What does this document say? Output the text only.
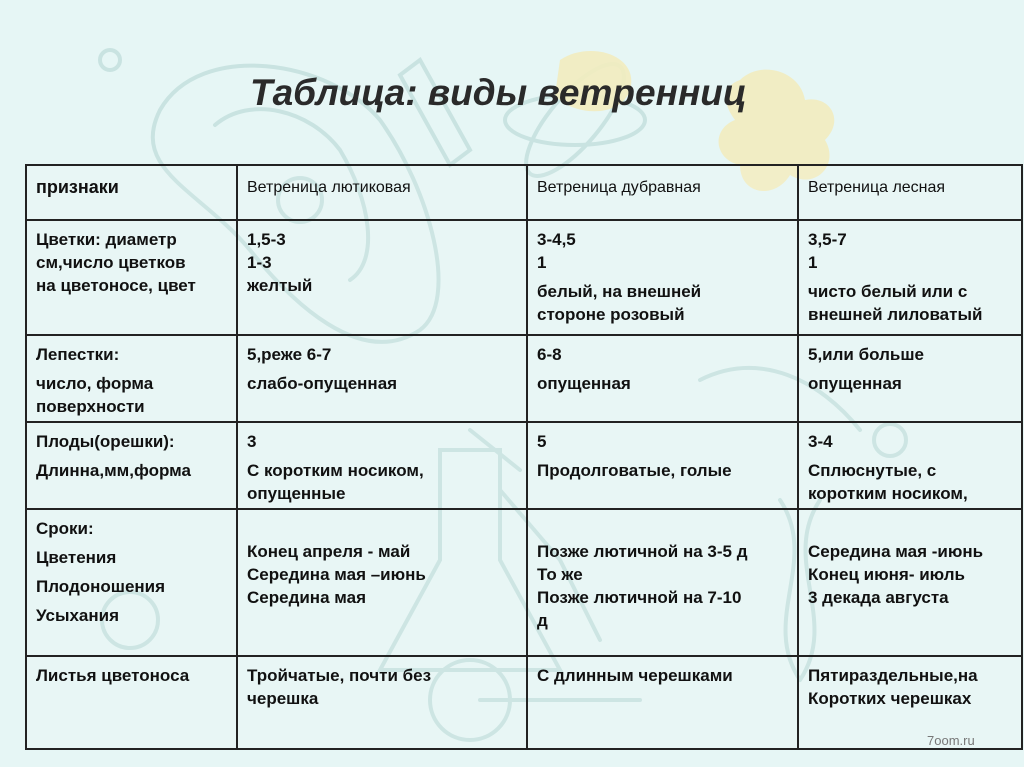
Таблица: виды ветренниц
признаки	Ветреница лютиковая	Ветреница дубравная	Ветреница лесная

Цветки: диаметр
см,число цветков
на цветоносе, цвет	1,5-3
1-3
желтый	3-4,5
1
белый, на внешней
стороне розовый	3,5-7
1
чисто белый или с
внешней лиловатый

Лепестки:
число, форма
поверхности	5,реже 6-7
слабо-опущенная	6-8
опущенная	5,или больше
опущенная

Плоды(орешки):
Длинна,мм,форма	3
С коротким носиком,
опущенные	5
Продолговатые, голые	3-4
Сплюснутые, с
коротким носиком,

Сроки:
Цветения
Плодоношения
Усыхания	Конец апреля - май
Середина мая –июнь
Середина мая	Позже лютичной на 3-5 д
То же
Позже лютичной на 7-10
д	Середина мая -июнь
Конец июня- июль
3 декада августа

Листья цветоноса	Тройчатые, почти без
черешка	С длинным черешками	Пятираздельные,на
Коротких черешках
7oom.ru
